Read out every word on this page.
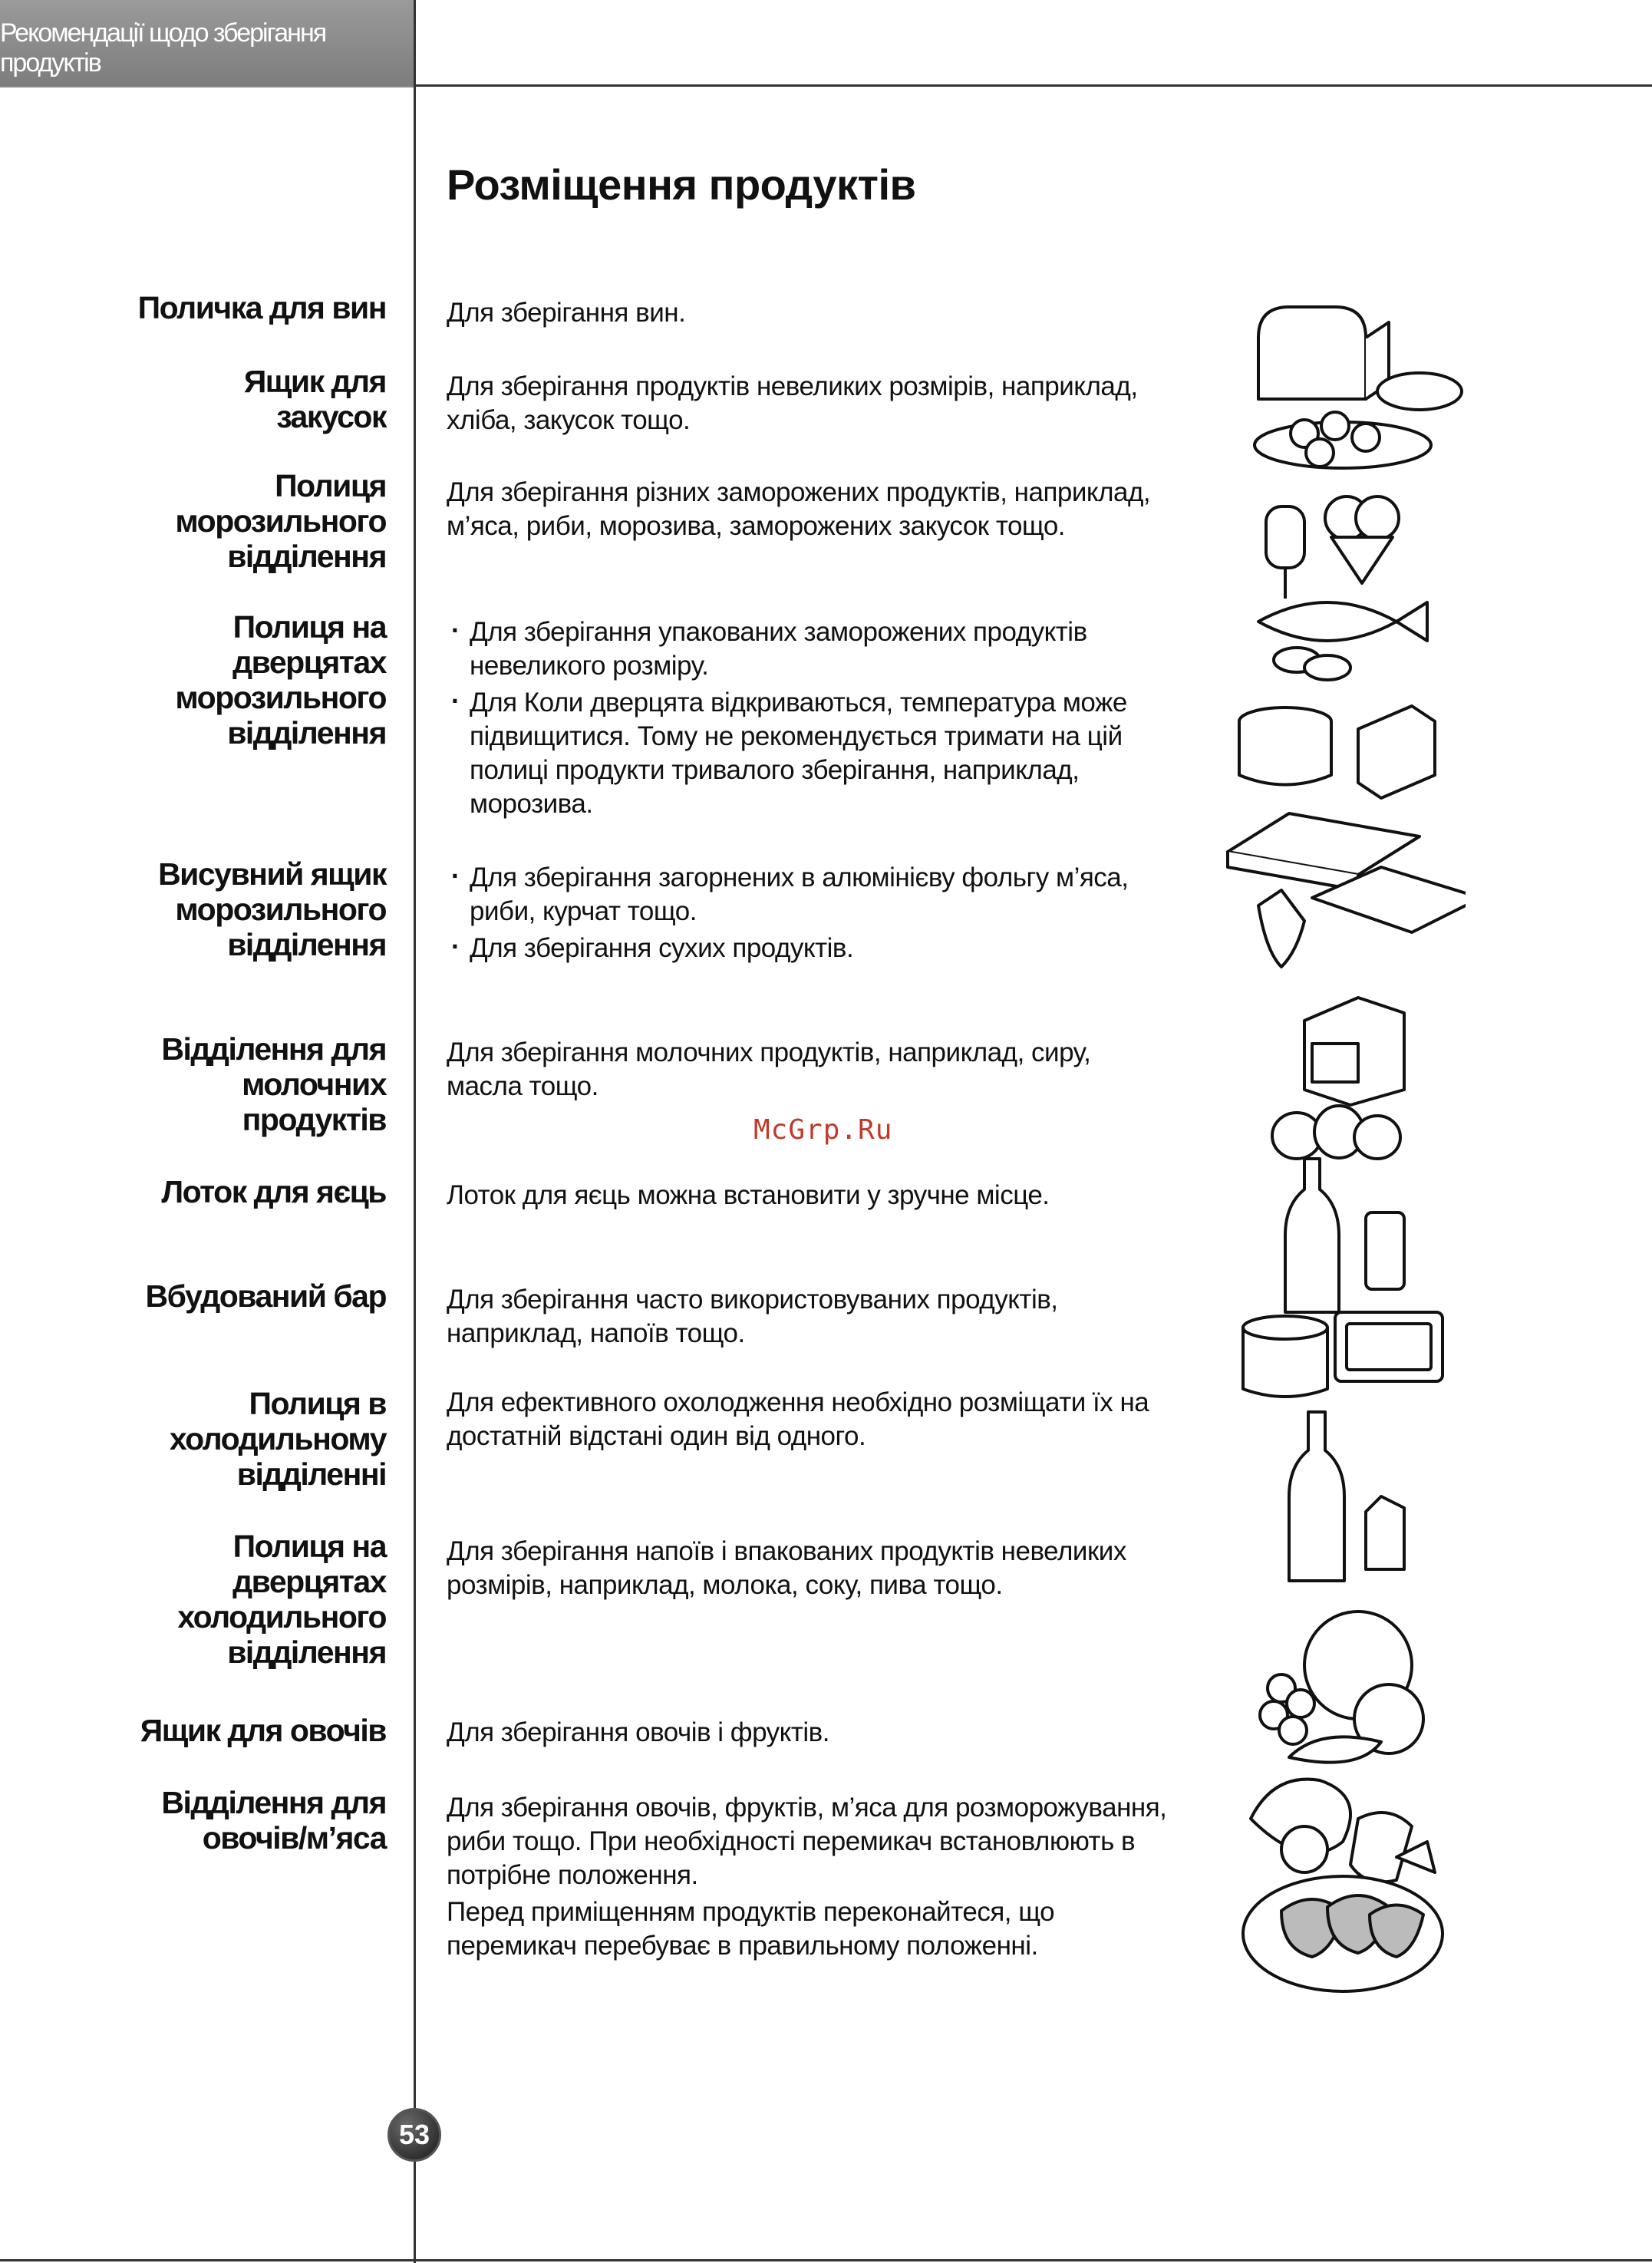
Рекомендації щодо зберігання продуктів
Розміщення продуктів
Поличка для вин Для зберігання вин.

Ящик для
закусок

Для зберігання продуктів невеликих розмірів, наприклад, хліба, закусок тощо.

Полиця
морозильного
відділення

Для зберігання різних заморожених продуктів, наприклад, м’яса, риби, морозива, заморожених закусок тощо.

Полиця на
дверцятах
морозильного
відділення
· Для зберігання упакованих заморожених продуктів невеликого розміру.
· Для Коли дверцята відкриваються, температура може підвищитися. Тому не рекомендується тримати на цій полиці продукти тривалого зберігання, наприклад, морозива.
Висувний ящик
морозильного
відділення
· Для зберігання загорнених в алюмінієву фольгу м’яса, риби, курчат тощо.
· Для зберігання сухих продуктів.
Відділення для
молочних
продуктів

Для зберігання молочних продуктів, наприклад, сиру, масла тощо.

McGrp.Ru
Лоток для яєць Лоток для яєць можна встановити у зручне місце.

Вбудований бар Для зберігання часто використовуваних продуктів, наприклад, напоїв тощо.

Полиця в
холодильному
відділенні

Для ефективного охолодження необхідно розміщати їх на достатній відстані один від одного.

Полиця на
дверцятах
холодильного
відділення

Для зберігання напоїв і впакованих продуктів невеликих розмірів, наприклад, молока, соку, пива тощо.

Ящик для овочів Для зберігання овочів і фруктів.

Відділення для
овочів/м’яса

Для зберігання овочів, фруктів, м’яса для розморожування, риби тощо. При необхідності перемикач встановлюють в потрібне положення.

Перед приміщенням продуктів переконайтеся, що перемикач перебуває в правильному положенні.

53
